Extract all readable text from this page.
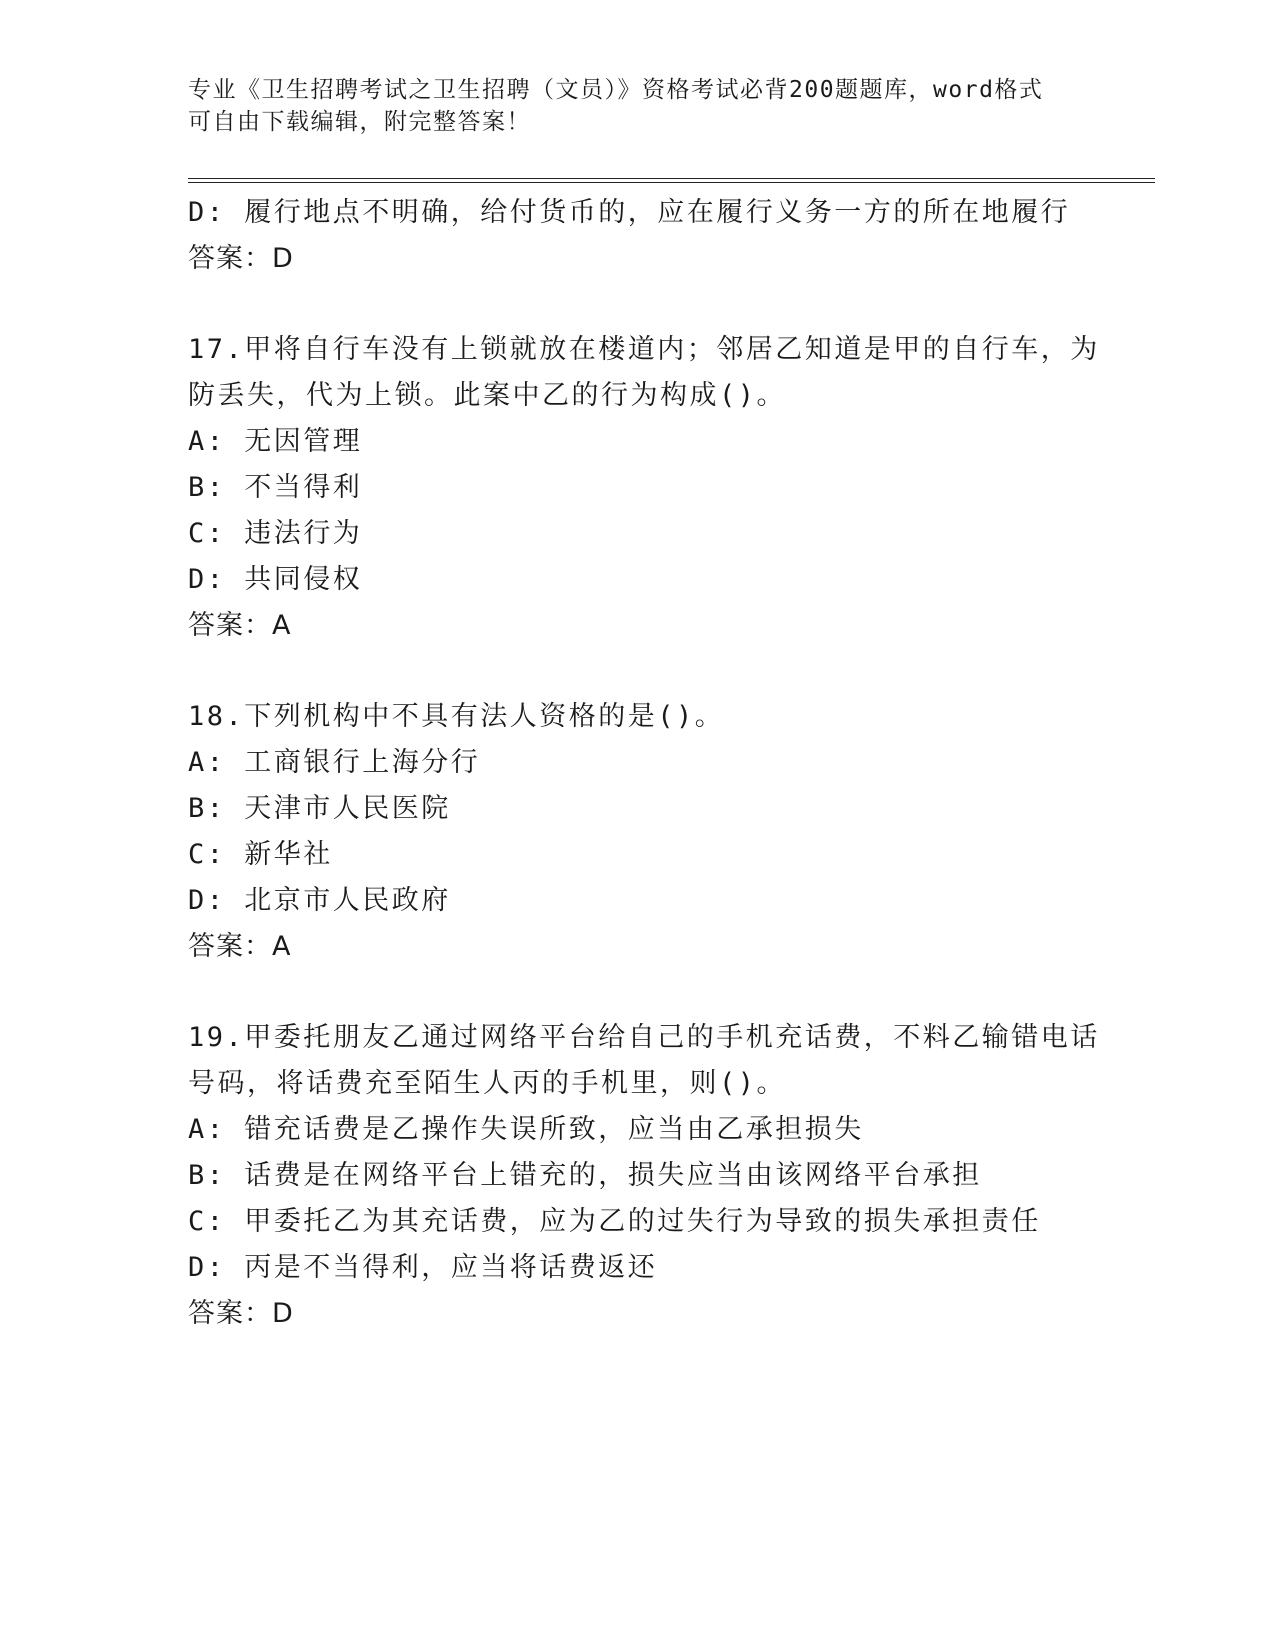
专业《卫生招聘考试之卫生招聘（文员）》资格考试必背200题题库，word格式
可自由下载编辑，附完整答案！
D: 履行地点不明确，给付货币的，应在履行义务一方的所在地履行
答案：D
17.甲将自行车没有上锁就放在楼道内；邻居乙知道是甲的自行车，为
防丢失，代为上锁。此案中乙的行为构成()。
A: 无因管理
B: 不当得利
C: 违法行为
D: 共同侵权
答案：A
18.下列机构中不具有法人资格的是()。
A: 工商银行上海分行
B: 天津市人民医院
C: 新华社
D: 北京市人民政府
答案：A
19.甲委托朋友乙通过网络平台给自己的手机充话费，不料乙输错电话
号码，将话费充至陌生人丙的手机里，则()。
A: 错充话费是乙操作失误所致，应当由乙承担损失
B: 话费是在网络平台上错充的，损失应当由该网络平台承担
C: 甲委托乙为其充话费，应为乙的过失行为导致的损失承担责任
D: 丙是不当得利，应当将话费返还
答案：D
